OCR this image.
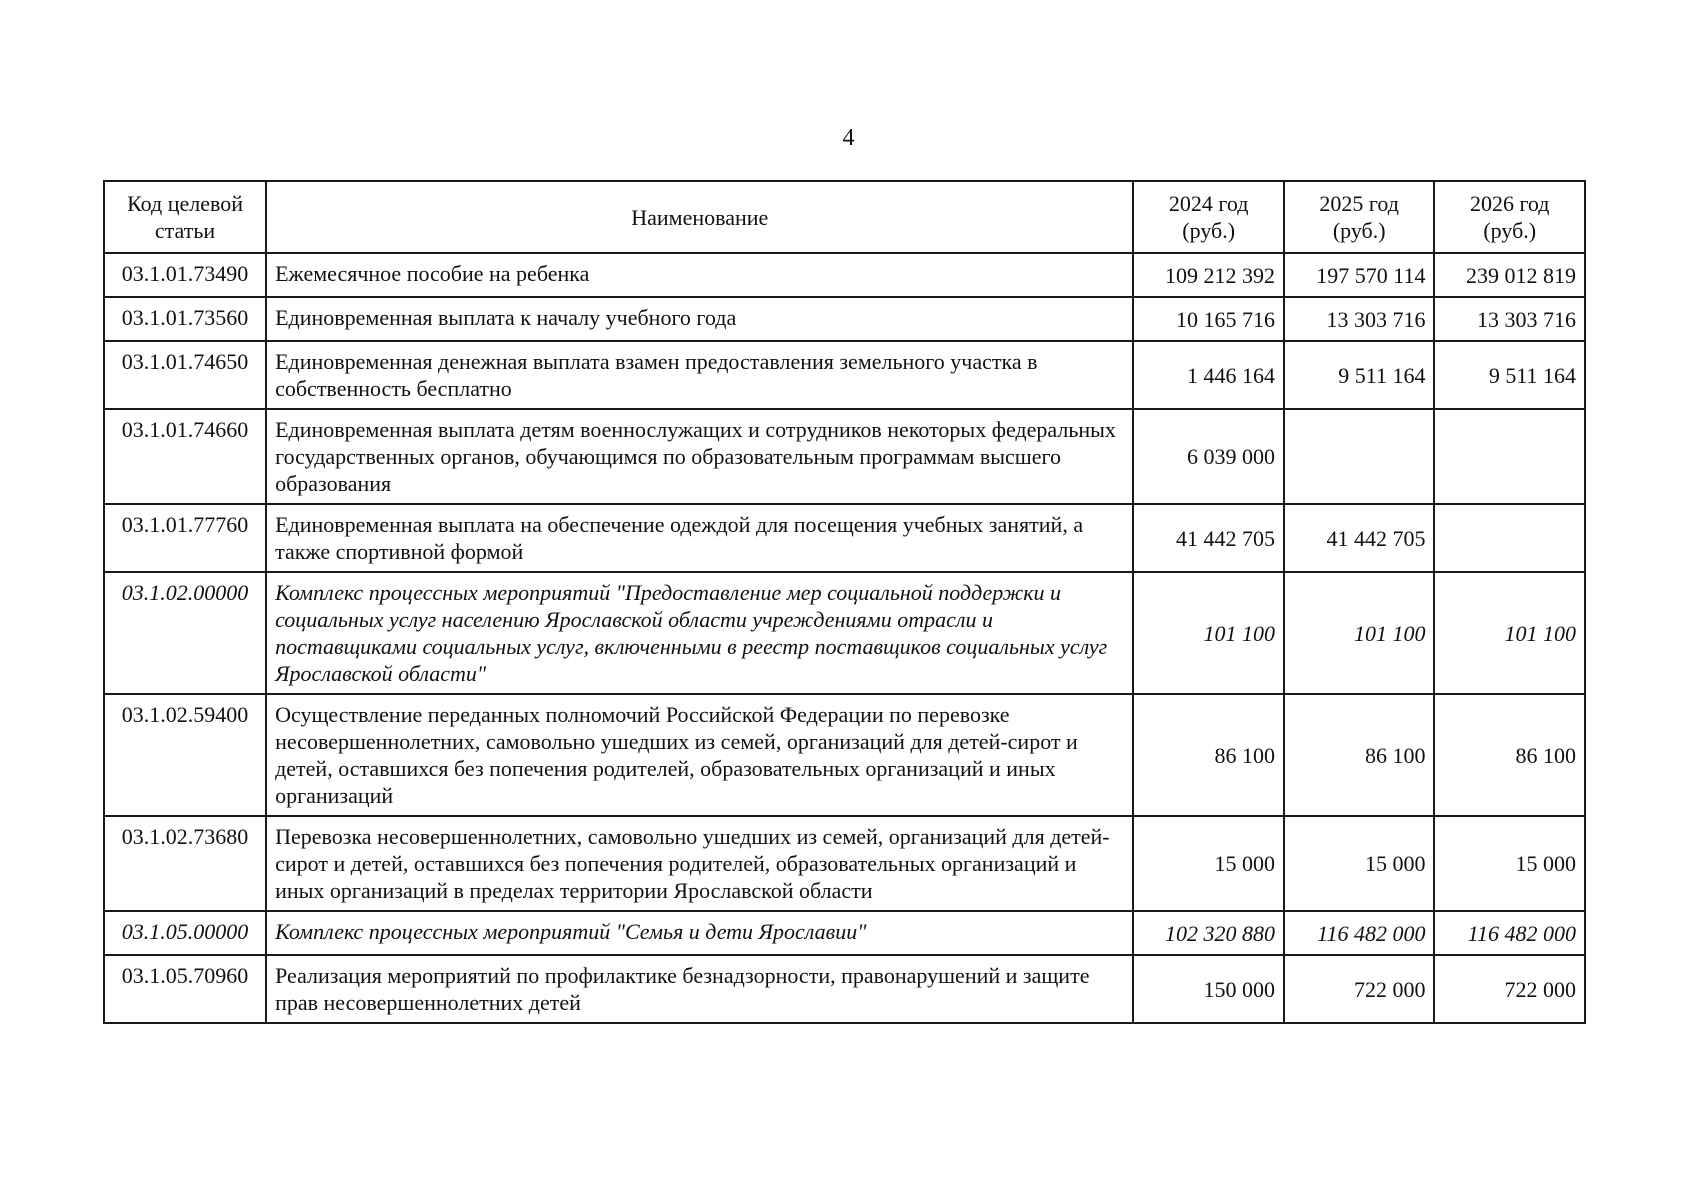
4
Код целевой статьи	Наименование	2024 год (руб.)	2025 год (руб.)	2026 год (руб.)
03.1.01.73490	Ежемесячное пособие на ребенка	109 212 392	197 570 114	239 012 819
03.1.01.73560	Единовременная выплата к началу учебного года	10 165 716	13 303 716	13 303 716
03.1.01.74650	Единовременная денежная выплата взамен предоставления земельного участка в собственность бесплатно	1 446 164	9 511 164	9 511 164
03.1.01.74660	Единовременная выплата детям военнослужащих и сотрудников некоторых федеральных государственных органов, обучающимся по образовательным программам высшего образования	6 039 000		
03.1.01.77760	Единовременная выплата на обеспечение одеждой для посещения учебных занятий, а также спортивной формой	41 442 705	41 442 705	
03.1.02.00000	Комплекс процессных мероприятий "Предоставление мер социальной поддержки и социальных услуг населению Ярославской области учреждениями отрасли и поставщиками социальных услуг, включенными в реестр поставщиков социальных услуг Ярославской области"	101 100	101 100	101 100
03.1.02.59400	Осуществление переданных полномочий Российской Федерации по перевозке несовершеннолетних, самовольно ушедших из семей, организаций для детей-сирот и детей, оставшихся без попечения родителей, образовательных организаций и иных организаций	86 100	86 100	86 100
03.1.02.73680	Перевозка несовершеннолетних, самовольно ушедших из семей, организаций для детей-сирот и детей, оставшихся без попечения родителей, образовательных организаций и иных организаций в пределах территории Ярославской области	15 000	15 000	15 000
03.1.05.00000	Комплекс процессных мероприятий "Семья и дети Ярославии"	102 320 880	116 482 000	116 482 000
03.1.05.70960	Реализация мероприятий по профилактике безнадзорности, правонарушений и защите прав несовершеннолетних детей	150 000	722 000	722 000
